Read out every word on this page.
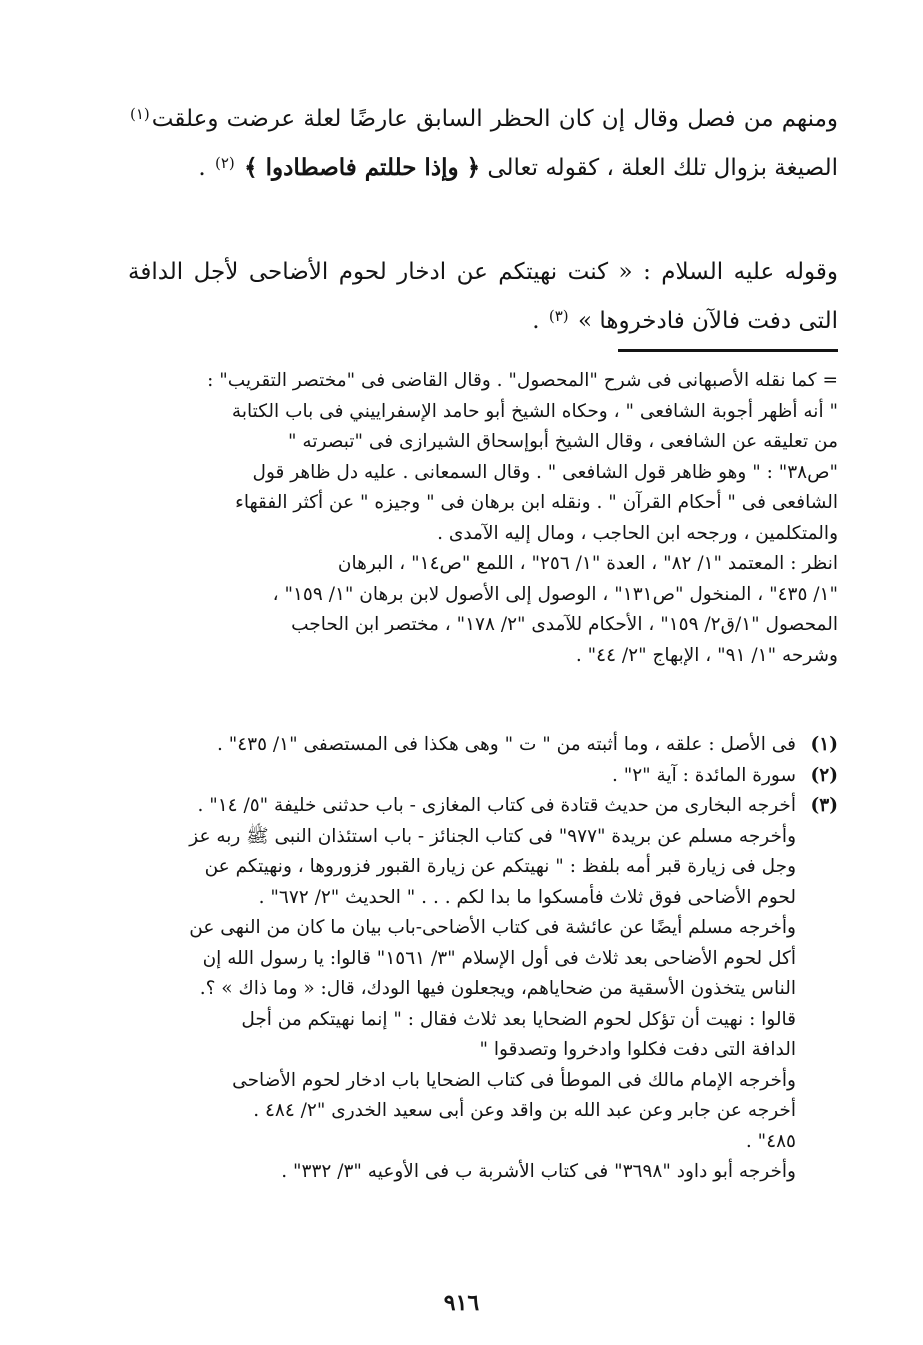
ومنهم من فصل وقال إن كان الحظر السابق عارضًا لعلة عرضت وعلقت$^{(١)}$ الصيغة بزوال تلك العلة ، كقوله تعالى ﴿ وإذا حللتم فاصطادوا ﴾ $^{(٢)}$ .
وقوله عليه السلام : « كنت نهيتكم عن ادخار لحوم الأضاحى لأجل الدافة التى دفت فالآن فادخروها » $^{(٣)}$ .
= كما نقله الأصبهانى فى شرح "المحصول" . وقال القاضى فى "مختصر التقريب" :
" أنه أظهر أجوبة الشافعى " ، وحكاه الشيخ أبو حامد الإسفراييني فى باب الكتابة
من تعليقه عن الشافعى ، وقال الشيخ أبوإسحاق الشيرازى فى "تبصرته "
"ص٣٨" : " وهو ظاهر قول الشافعى " . وقال السمعانى . عليه دل ظاهر قول
الشافعى فى " أحكام القرآن " . ونقله ابن برهان فى " وجيزه " عن أكثر الفقهاء
والمتكلمين ، ورجحه ابن الحاجب ، ومال إليه الآمدى .
انظر : المعتمد "١/ ٨٢" ، العدة "١/ ٢٥٦" ، اللمع "ص١٤" ، البرهان
"١/ ٤٣٥" ، المنخول "ص١٣١" ، الوصول إلى الأصول لابن برهان "١/ ١٥٩" ،
المحصول "١/ق٢/ ١٥٩" ، الأحكام للآمدى "٢/ ١٧٨" ، مختصر ابن الحاجب
وشرحه "١/ ٩١" ، الإبهاج "٢/ ٤٤" .
(١)
فى الأصل : علقه ، وما أثبته من " ت " وهى هكذا فى المستصفى "١/ ٤٣٥" .
(٢)
سورة المائدة : آية "٢" .
(٣)
أخرجه البخارى من حديث قتادة فى كتاب المغازى - باب حدثنى خليفة "٥/ ١٤" .
وأخرجه مسلم عن بريدة "٩٧٧" فى كتاب الجنائز - باب استئذان النبى ﷺ ربه عز
وجل فى زيارة قبر أمه بلفظ : " نهيتكم عن زيارة القبور فزوروها ، ونهيتكم عن
لحوم الأضاحى فوق ثلاث فأمسكوا ما بدا لكم . . . " الحديث "٢/ ٦٧٢" .
وأخرجه مسلم أيضًا عن عائشة فى كتاب الأضاحى-باب بيان ما كان من النهى عن
أكل لحوم الأضاحى بعد ثلاث فى أول الإسلام "٣/ ١٥٦١" قالوا: يا رسول الله إن
الناس يتخذون الأسقية من ضحاياهم، ويجعلون فيها الودك، قال: « وما ذاك » ؟.
قالوا : نهيت أن تؤكل لحوم الضحايا بعد ثلاث فقال : " إنما نهيتكم من أجل
الدافة التى دفت فكلوا وادخروا وتصدقوا "
وأخرجه الإمام مالك فى الموطأ فى كتاب الضحايا باب ادخار لحوم الأضاحى
أخرجه عن جابر وعن عبد الله بن واقد وعن أبى سعيد الخدرى "٢/ ٤٨٤ .
٤٨٥" .
وأخرجه أبو داود "٣٦٩٨" فى كتاب الأشربة ب فى الأوعيه "٣/ ٣٣٢" .
٩١٦
